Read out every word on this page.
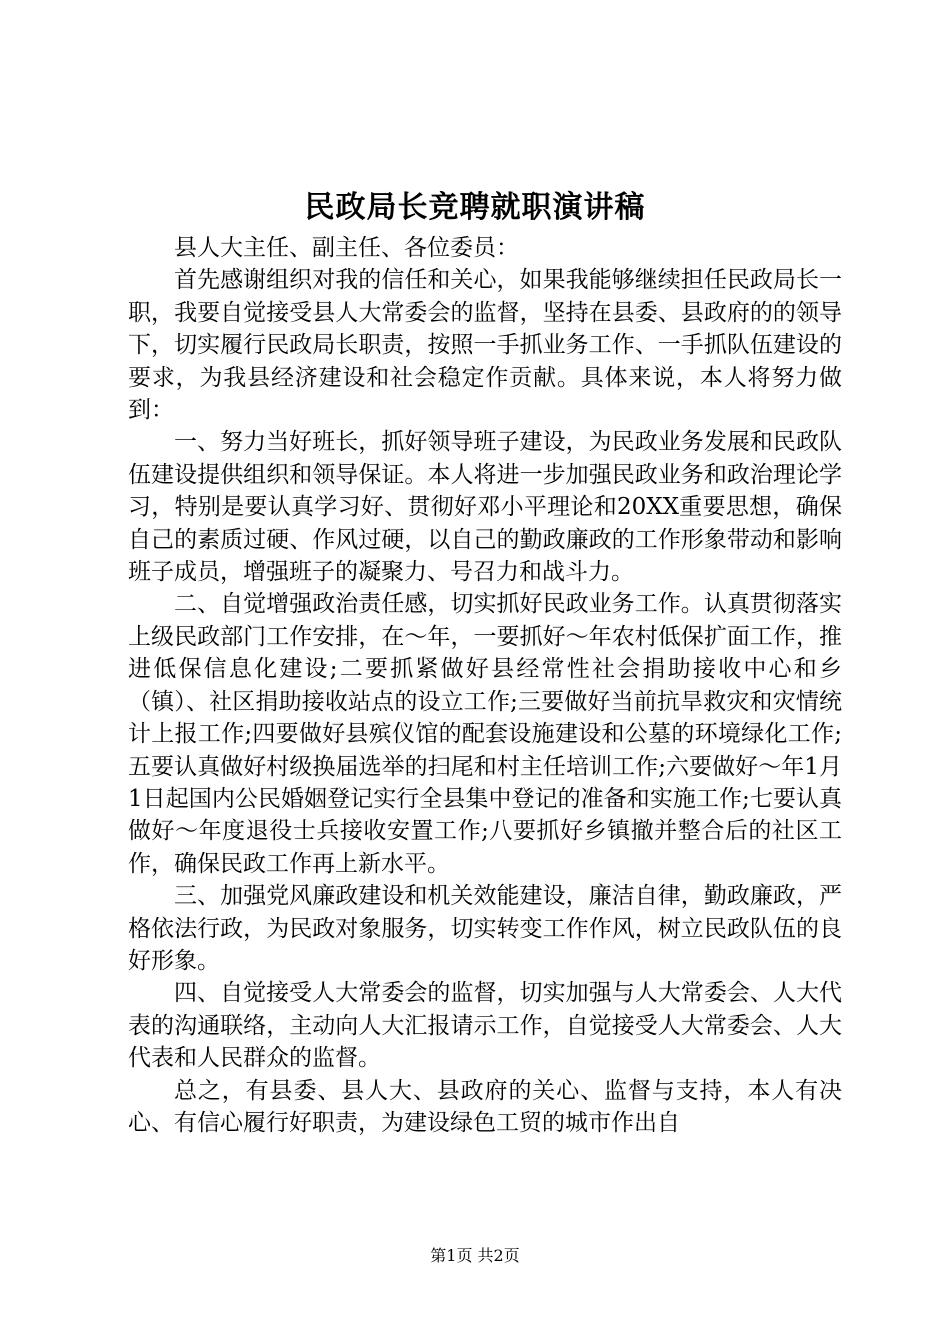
民政局长竞聘就职演讲稿

县人大主任、副主任、各位委员：

首先感谢组织对我的信任和关心，如果我能够继续担任民政局长一职，我要自觉接受县人大常委会的监督，坚持在县委、县政府的的领导下，切实履行民政局长职责，按照一手抓业务工作、一手抓队伍建设的要求，为我县经济建设和社会稳定作贡献。具体来说，本人将努力做到：

一、努力当好班长，抓好领导班子建设，为民政业务发展和民政队伍建设提供组织和领导保证。本人将进一步加强民政业务和政治理论学习，特别是要认真学习好、贯彻好邓小平理论和20XX重要思想，确保自己的素质过硬、作风过硬，以自己的勤政廉政的工作形象带动和影响班子成员，增强班子的凝聚力、号召力和战斗力。

二、自觉增强政治责任感，切实抓好民政业务工作。认真贯彻落实上级民政部门工作安排，在～年，一要抓好～年农村低保扩面工作，推进低保信息化建设;二要抓紧做好县经常性社会捐助接收中心和乡（镇）、社区捐助接收站点的设立工作;三要做好当前抗旱救灾和灾情统计上报工作;四要做好县殡仪馆的配套设施建设和公墓的环境绿化工作;五要认真做好村级换届选举的扫尾和村主任培训工作;六要做好～年1月1日起国内公民婚姻登记实行全县集中登记的准备和实施工作;七要认真做好～年度退役士兵接收安置工作;八要抓好乡镇撤并整合后的社区工作，确保民政工作再上新水平。

三、加强党风廉政建设和机关效能建设，廉洁自律，勤政廉政，严格依法行政，为民政对象服务，切实转变工作作风，树立民政队伍的良好形象。

四、自觉接受人大常委会的监督，切实加强与人大常委会、人大代表的沟通联络，主动向人大汇报请示工作，自觉接受人大常委会、人大代表和人民群众的监督。

总之，有县委、县人大、县政府的关心、监督与支持，本人有决心、有信心履行好职责，为建设绿色工贸的城市作出自

第1页 共2页
